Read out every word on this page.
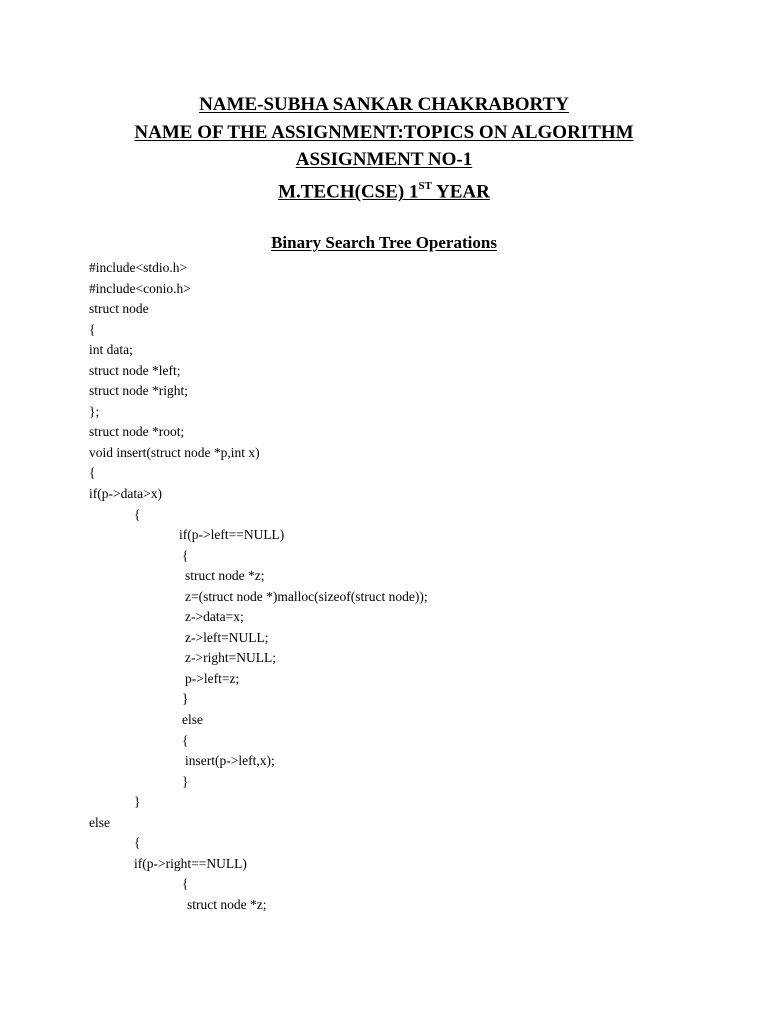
NAME-SUBHA SANKAR CHAKRABORTY
NAME OF THE ASSIGNMENT:TOPICS ON ALGORITHM
ASSIGNMENT NO-1
M.TECH(CSE) 1ST YEAR
Binary Search Tree Operations
#include<stdio.h>
#include<conio.h>
struct node
{
int data;
struct node *left;
struct node *right;
};
struct node *root;
void insert(struct node *p,int x)
{
if(p->data>x)
{
if(p->left==NULL)
{
struct node *z;
z=(struct node *)malloc(sizeof(struct node));
z->data=x;
z->left=NULL;
z->right=NULL;
p->left=z;
}
else
{
insert(p->left,x);
}
}
else
{
if(p->right==NULL)
{
struct node *z;
